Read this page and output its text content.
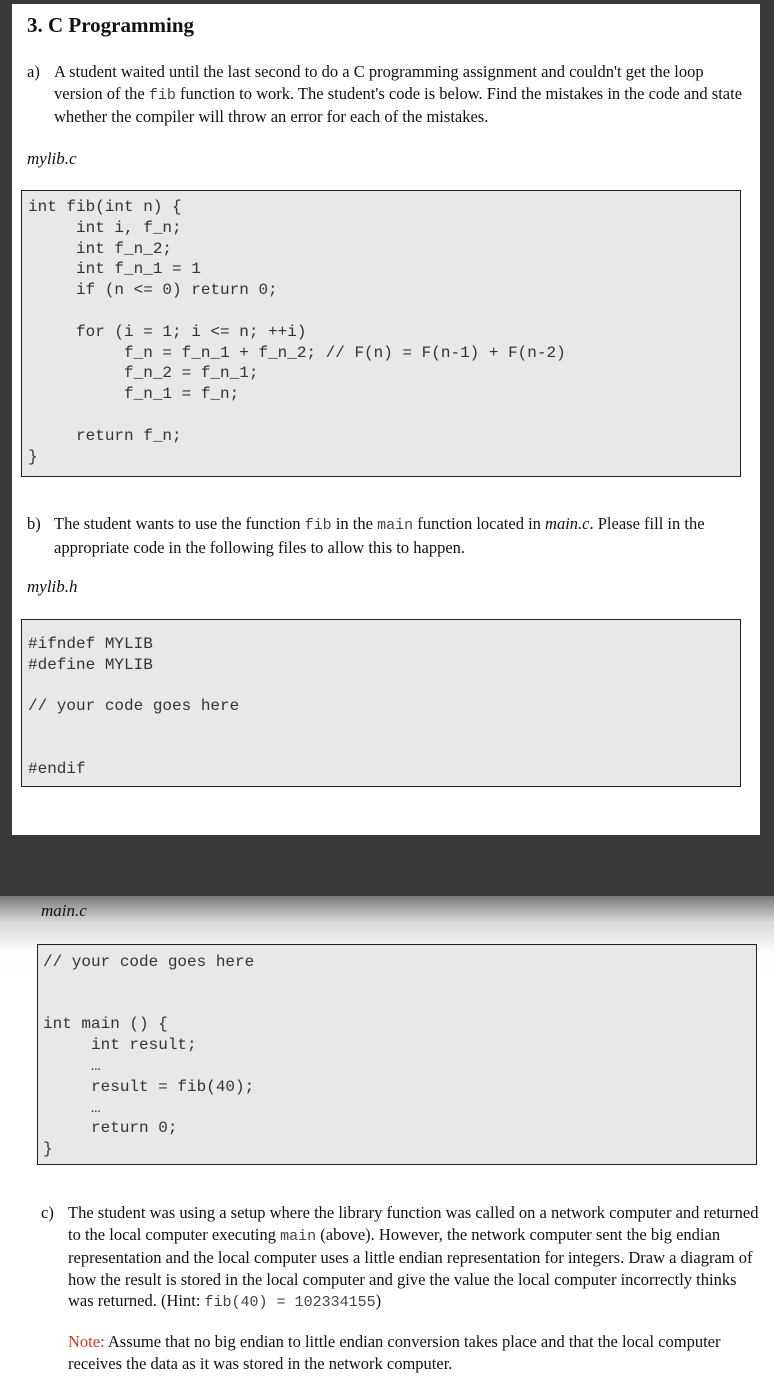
3. C Programming
a) A student waited until the last second to do a C programming assignment and couldn't get the loop version of the fib function to work. The student's code is below. Find the mistakes in the code and state whether the compiler will throw an error for each of the mistakes.
mylib.c
int fib(int n) {
int i, f_n;
int f_n_2;
int f_n_1 = 1
if (n <= 0) return 0;
for (i = 1; i <= n; ++i)
f_n = f_n_1 + f_n_2; // F(n) = F(n-1) + F(n-2)
f_n_2 = f_n_1;
f_n_1 = f_n;
return f_n;
}
b) The student wants to use the function fib in the main function located in main.c. Please fill in the appropriate code in the following files to allow this to happen.
mylib.h
#ifndef MYLIB
#define MYLIB
// your code goes here
#endif
main.c
// your code goes here
int main () {
int result;
…
result = fib(40);
…
return 0;
}
c) The student was using a setup where the library function was called on a network computer and returned to the local computer executing main (above). However, the network computer sent the big endian representation and the local computer uses a little endian representation for integers. Draw a diagram of how the result is stored in the local computer and give the value the local computer incorrectly thinks was returned. (Hint: fib(40) = 102334155)
Note: Assume that no big endian to little endian conversion takes place and that the local computer receives the data as it was stored in the network computer.
